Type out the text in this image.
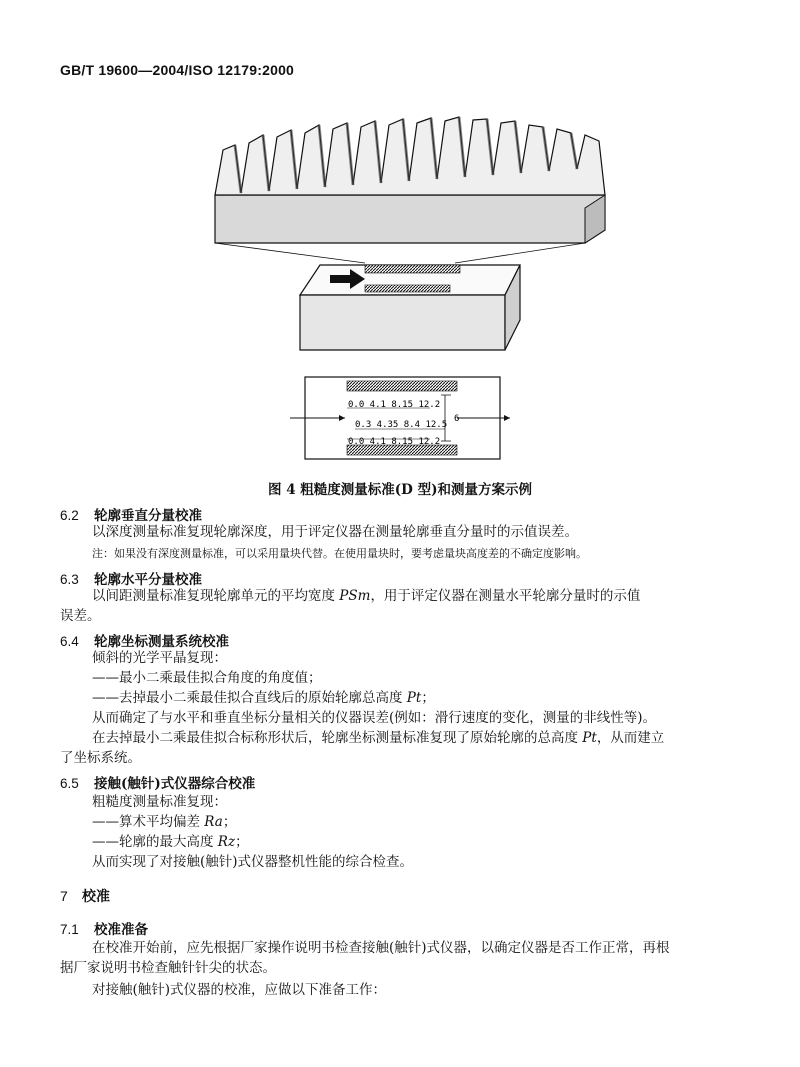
GB/T 19600—2004/ISO 12179:2000
0.0 4.1 8.15 12.2
0.3 4.35 8.4 12.5
0.0 4.1 8.15 12.2
6
图 4 粗糙度测量标准(D 型)和测量方案示例
6.2 轮廓垂直分量校准
以深度测量标准复现轮廓深度，用于评定仪器在测量轮廓垂直分量时的示值误差。
注：如果没有深度测量标准，可以采用量块代替。在使用量块时，要考虑量块高度差的不确定度影响。
6.3 轮廓水平分量校准
以间距测量标准复现轮廓单元的平均宽度 PSm，用于评定仪器在测量水平轮廓分量时的示值
误差。
6.4 轮廓坐标测量系统校准
倾斜的光学平晶复现：
——最小二乘最佳拟合角度的角度值；
——去掉最小二乘最佳拟合直线后的原始轮廓总高度 Pt；
从而确定了与水平和垂直坐标分量相关的仪器误差(例如：滑行速度的变化，测量的非线性等)。
在去掉最小二乘最佳拟合标称形状后，轮廓坐标测量标准复现了原始轮廓的总高度 Pt，从而建立
了坐标系统。
6.5 接触(触针)式仪器综合校准
粗糙度测量标准复现：
——算术平均偏差 Ra；
——轮廓的最大高度 Rz；
从而实现了对接触(触针)式仪器整机性能的综合检查。
7 校准
7.1 校准准备
在校准开始前，应先根据厂家操作说明书检查接触(触针)式仪器，以确定仪器是否工作正常，再根
据厂家说明书检查触针针尖的状态。
对接触(触针)式仪器的校准，应做以下准备工作：
